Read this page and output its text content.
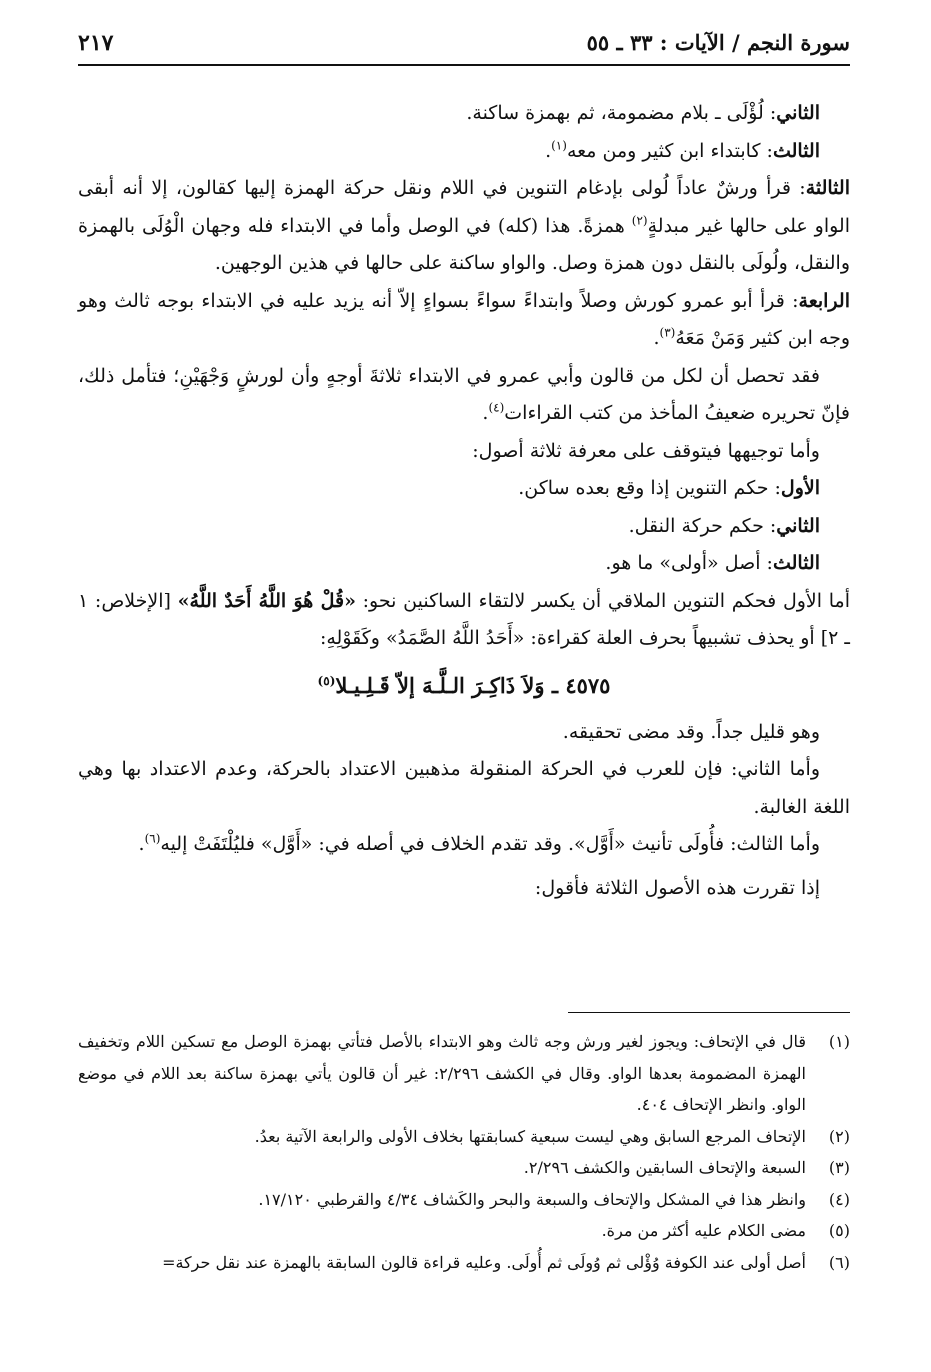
سورة النجم / الآيات : ٣٣ ـ ٥٥
٢١٧

الثاني: لُؤْلَى ـ بلام مضمومة، ثم بهمزة ساكنة.

الثالث: كابتداء ابن كثير ومن معه$^{(١)}$.

الثالثة: قرأ ورشٌ عاداً لُولى بإدغام التنوين في اللام ونقل حركة الهمزة إليها كقالون، إلا أنه أبقى الواو على حالها غير مبدلةٍ$^{(٢)}$ همزةً. هذا (كله) في الوصل وأما في الابتداء فله وجهان الْوُلَى بالهمزة والنقل، ولُولَى بالنقل دون همزة وصل. والواو ساكنة على حالها في هذين الوجهين.

الرابعة: قرأ أبو عمرو كورش وصلاً وابتداءً سواءً بسواءٍ إلاّ أنه يزيد عليه في الابتداء بوجه ثالث وهو وجه ابن كثير وَمَنْ مَعَهُ$^{(٣)}$.

فقد تحصل أن لكل من قالون وأبي عمرو في الابتداء ثلاثةَ أوجهٍ وأن لورشٍ وَجْهَيْنِ؛ فتأمل ذلك، فإنّ تحريره ضعيفُ المأخذ من كتب القراءات$^{(٤)}$.

وأما توجيهها فيتوقف على معرفة ثلاثة أصول:

الأول: حكم التنوين إذا وقع بعده ساكن.

الثاني: حكم حركة النقل.

الثالث: أصل «أولى» ما هو.

أما الأول فحكم التنوين الملاقي أن يكسر لالتقاء الساكنين نحو: «قُلْ هُوَ اللَّهُ أَحَدٌ اللَّهُ» [الإخلاص: ١ ـ ٢] أو يحذف تشبيهاً بحرف العلة كقراءة: «أَحَدُ اللَّهُ الصَّمَدُ» وكَقَوْلِهِ:

٤٥٧٥ ـ وَلاَ ذَاكِـرَ الـلَّـهَ إلاّ قَـلِـيـلا$^{(٥)}$

وهو قليل جداً. وقد مضى تحقيقه.

وأما الثاني: فإن للعرب في الحركة المنقولة مذهبين الاعتداد بالحركة، وعدم الاعتداد بها وهي اللغة الغالبة.

وأما الثالث: فأُولَى تأنيث «أَوَّل». وقد تقدم الخلاف في أصله في: «أَوَّل» فليُلْتَفَتْ إليه$^{(٦)}$.

إذا تقررت هذه الأصول الثلاثة فأقول:

(١)
قال في الإتحاف: ويجوز لغير ورش وجه ثالث وهو الابتداء بالأصل فتأتي بهمزة الوصل مع تسكين اللام وتخفيف الهمزة المضمومة بعدها الواو. وقال في الكشف ٢/٢٩٦: غير أن قالون يأتي بهمزة ساكنة بعد اللام في موضع الواو. وانظر الإتحاف ٤٠٤.
(٢)
الإتحاف المرجع السابق وهي ليست سبعية كسابقتها بخلاف الأولى والرابعة الآتية بعدُ.
(٣)
السبعة والإتحاف السابقين والكشف ٢/٢٩٦.
(٤)
وانظر هذا في المشكل والإتحاف والسبعة والبحر والكَشاف ٤/٣٤ والقرطبي ١٧/١٢٠.
(٥)
مضى الكلام عليه أكثر من مرة.
(٦)
أصل أولى عند الكوفة وُؤْلى ثم وُولَى ثم أُولَى. وعليه قراءة قالون السابقة بالهمزة عند نقل حركة=
